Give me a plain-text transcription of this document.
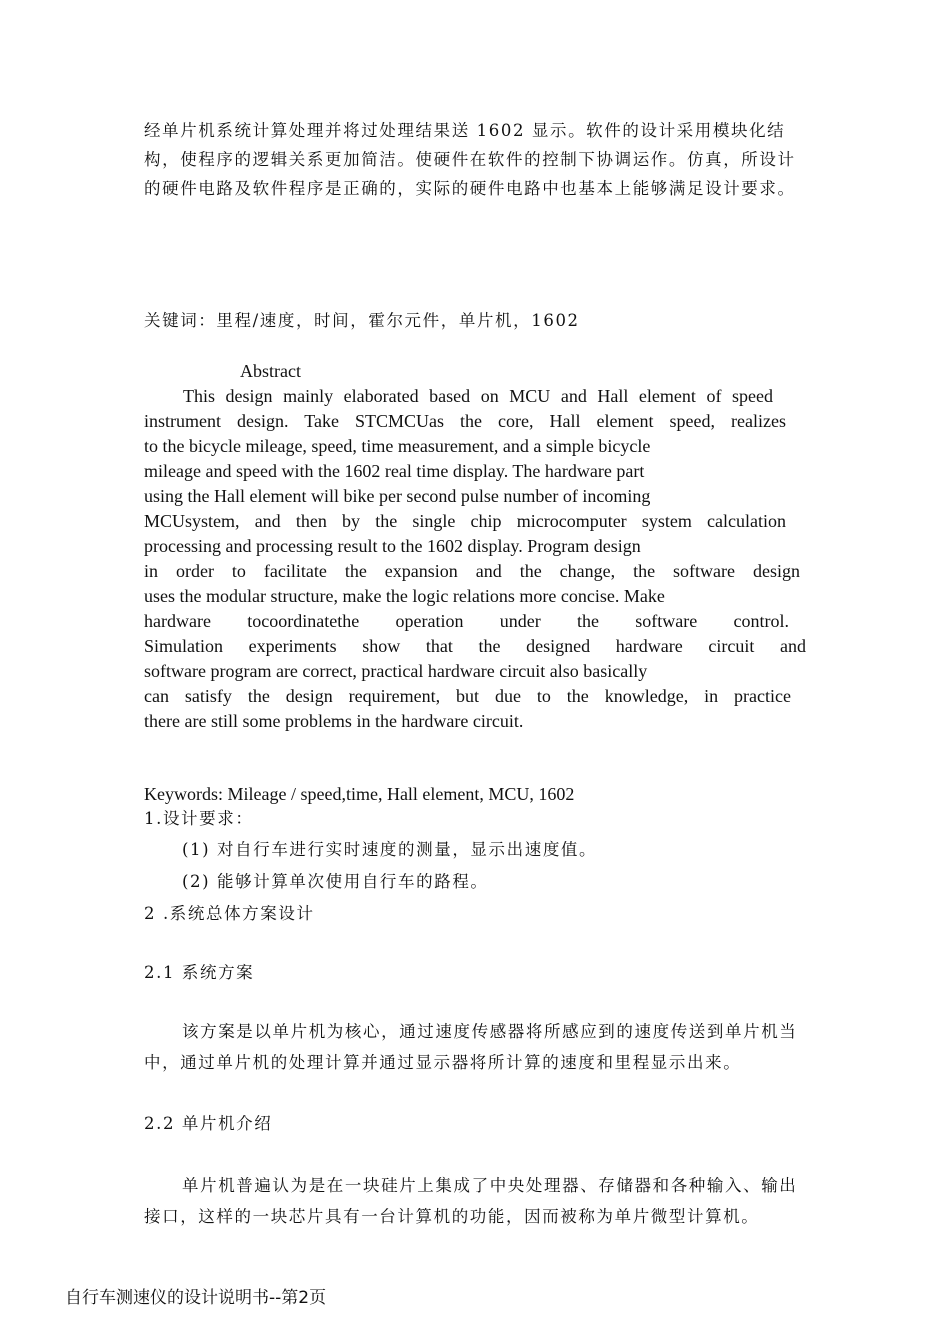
经单片机系统计算处理并将过处理结果送 1602 显示。软件的设计采用模块化结构，使程序的逻辑关系更加简洁。使硬件在软件的控制下协调运作。仿真，所设计的硬件电路及软件程序是正确的，实际的硬件电路中也基本上能够满足设计要求。
关键词：里程/速度，时间，霍尔元件，单片机，1602
Abstract
This design mainly elaborated based on MCU and Hall element of speed
instrument design. Take STCMCUas the core, Hall element speed, realizes
to the bicycle mileage, speed, time measurement, and a simple bicycle
mileage and speed with the 1602 real time display. The hardware part
using the Hall element will bike per second pulse number of incoming
MCUsystem, and then by the single chip microcomputer system calculation
processing and processing result to the 1602 display. Program design
in order to facilitate the expansion and the change, the software design
uses the modular structure, make the logic relations more concise. Make
hardware tocoordinatethe operation under the software control.
Simulation experiments show that the designed hardware circuit and
software program are correct, practical hardware circuit also basically
can satisfy the design requirement, but due to the knowledge, in practice
there are still some problems in the hardware circuit.
Keywords: Mileage / speed,time, Hall element, MCU, 1602
1.设计要求：
(1) 对自行车进行实时速度的测量，显示出速度值。
(2) 能够计算单次使用自行车的路程。
2 .系统总体方案设计
2.1 系统方案
该方案是以单片机为核心，通过速度传感器将所感应到的速度传送到单片机当中，通过单片机的处理计算并通过显示器将所计算的速度和里程显示出来。
2.2 单片机介绍
单片机普遍认为是在一块硅片上集成了中央处理器、存储器和各种输入、输出接口，这样的一块芯片具有一台计算机的功能，因而被称为单片微型计算机。
自行车测速仪的设计说明书--第2页
